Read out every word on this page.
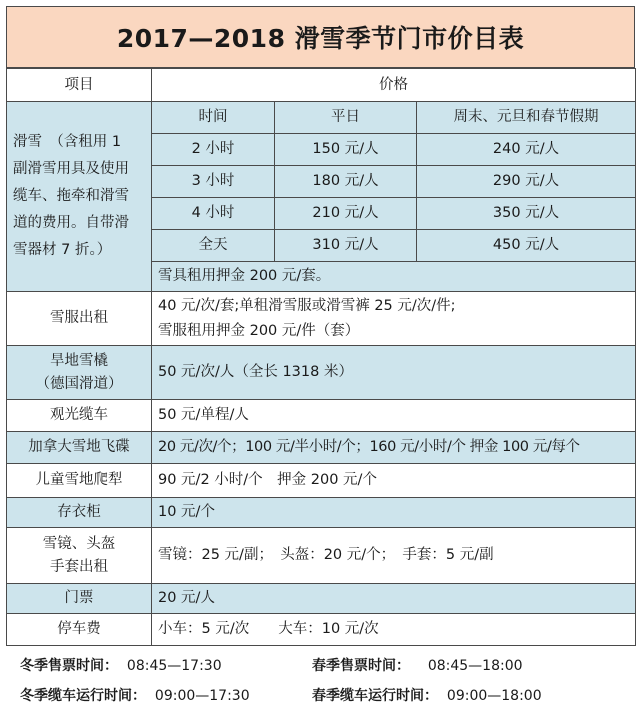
2017—2018 滑雪季节门市价目表
项目	价格		

滑雪　（含租用 1
副滑雪用具及使用
缆车、拖牵和滑雪
道的费用。自带滑
雪器材 7 折。）	时间	平日	周末、元旦和春节假期
	2 小时	150 元/人	240 元/人
	3 小时	180 元/人	290 元/人
	4 小时	210 元/人	350 元/人
	全天	310 元/人	450 元/人
	雪具租用押金 200 元/套。		
雪服出租	40 元/次/套;单租滑雪服或滑雪裤 25 元/次/件;
雪服租用押金 200 元/件（套）		

旱地雪橇
（德国滑道）	50 元/次/人（全长 1318 米）		
观光缆车	50 元/单程/人		
加拿大雪地飞碟	20 元/次/个；100 元/半小时/个；160 元/小时/个 押金 100 元/每个		
儿童雪地爬犁	90 元/2 小时/个　押金 200 元/个		
存衣柜	10 元/个		

雪镜、头盔
手套出租	雪镜：25 元/副；　头盔：20 元/个；　手套：5 元/副		
门票	20 元/人		
停车费	小车：5 元/次　　大车：10 元/次		
冬季售票时间： 08:45—17:30	春季售票时间： 08:45—18:00
冬季缆车运行时间： 09:00—17:30	春季缆车运行时间： 09:00—18:00
